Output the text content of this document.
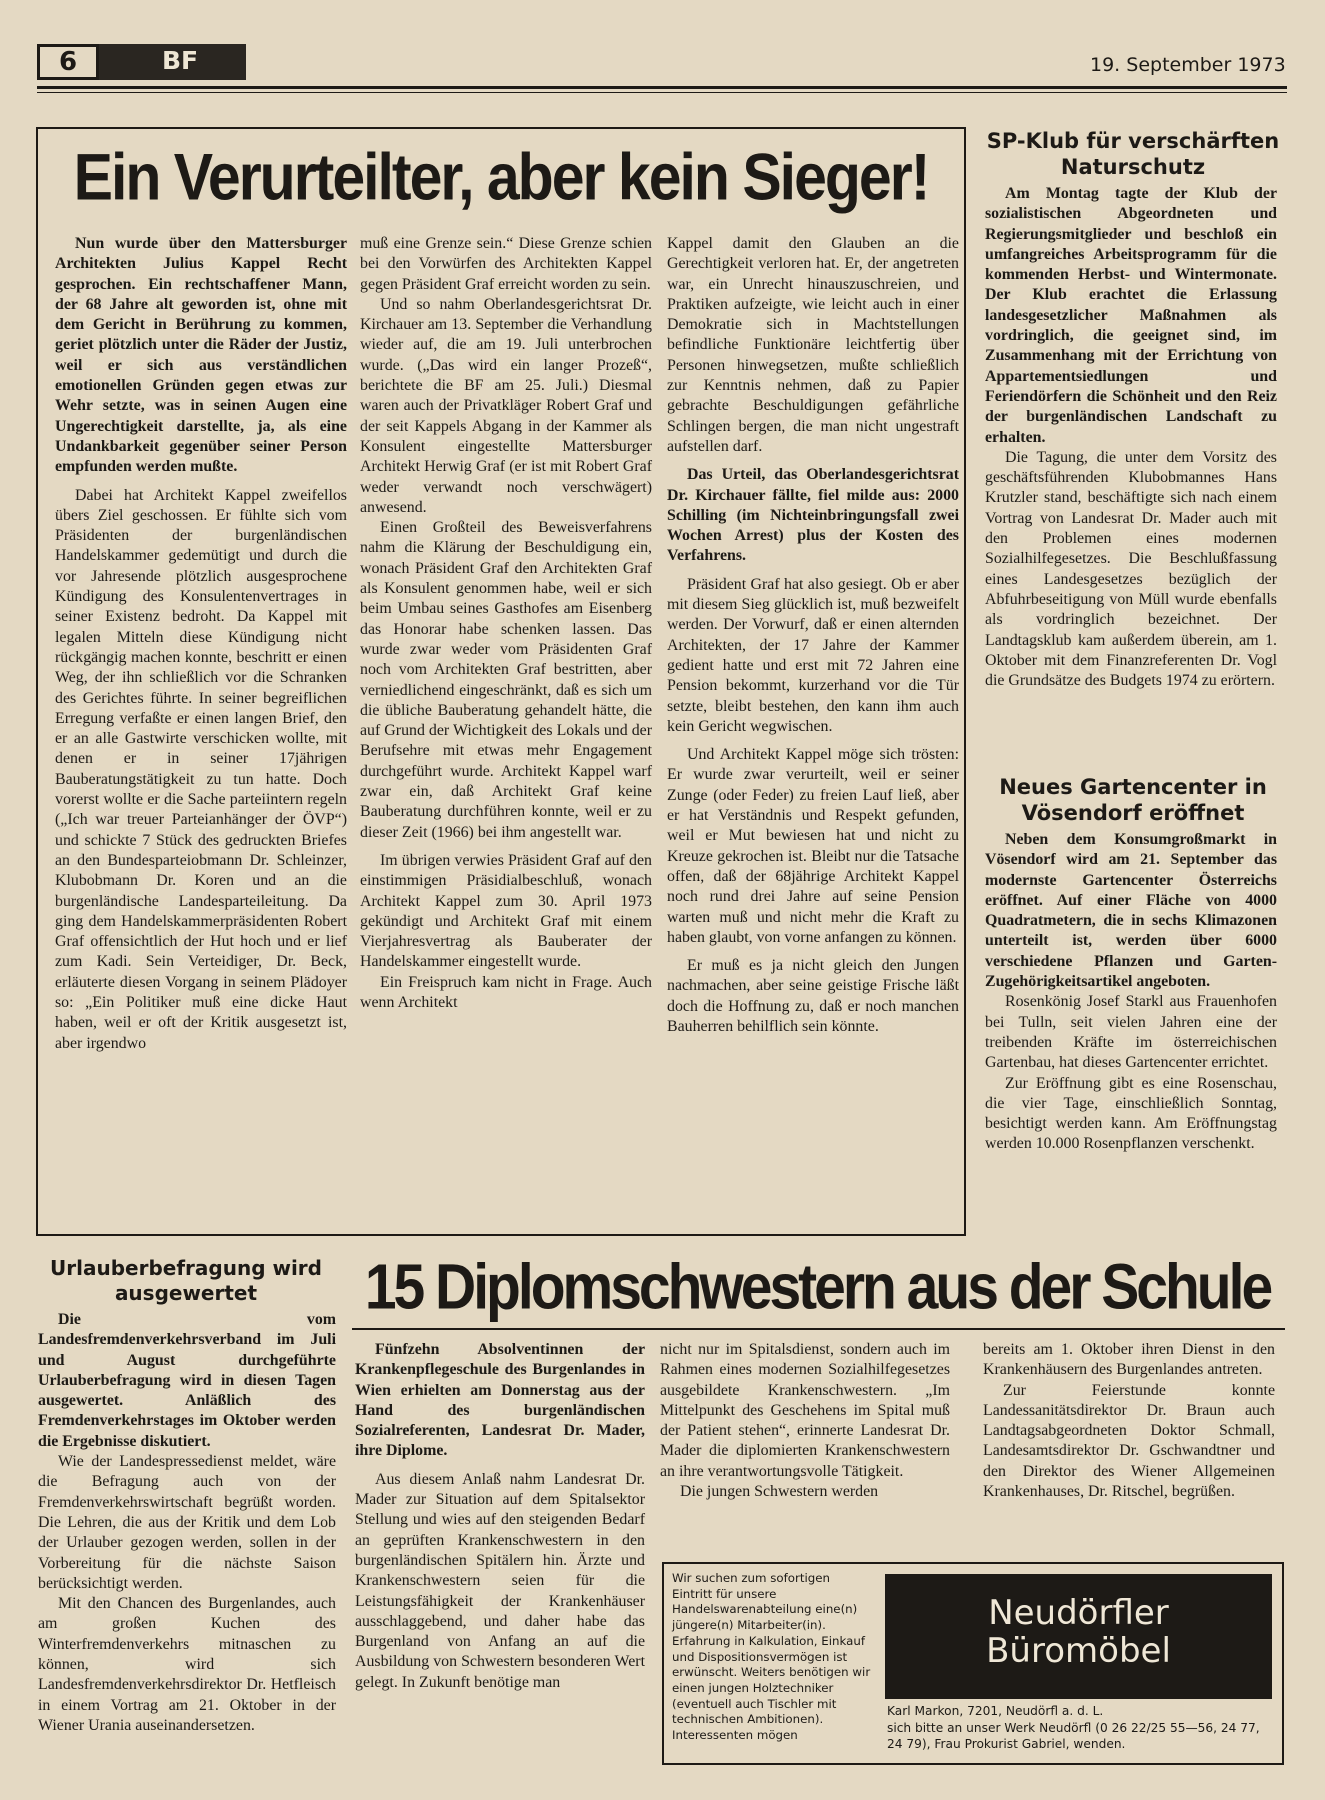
6	BF	19. September 1973
Ein Verurteilter, aber kein Sieger!

Nun wurde über den Mattersburger Architekten Julius Kappel Recht gesprochen. Ein rechtschaffener Mann, der 68 Jahre alt geworden ist, ohne mit dem Gericht in Berührung zu kommen, geriet plötzlich unter die Räder der Justiz, weil er sich aus verständlichen emotionellen Gründen gegen etwas zur Wehr setzte, was in seinen Augen eine Ungerechtigkeit darstellte, ja, als eine Undankbarkeit gegenüber seiner Person empfunden werden mußte.

Dabei hat Architekt Kappel zweifellos übers Ziel geschossen. Er fühlte sich vom Präsidenten der burgenländischen Handelskammer gedemütigt und durch die vor Jahresende plötzlich ausgesprochene Kündigung des Konsulentenvertrages in seiner Existenz bedroht. Da Kappel mit legalen Mitteln diese Kündigung nicht rückgängig machen konnte, beschritt er einen Weg, der ihn schließlich vor die Schranken des Gerichtes führte. In seiner begreiflichen Erregung verfaßte er einen langen Brief, den er an alle Gastwirte verschicken wollte, mit denen er in seiner 17jährigen Bauberatungstätigkeit zu tun hatte. Doch vorerst wollte er die Sache parteiintern regeln („Ich war treuer Parteianhänger der ÖVP“) und schickte 7 Stück des gedruckten Briefes an den Bundesparteiobmann Dr. Schleinzer, Klubobmann Dr. Koren und an die burgenländische Landesparteileitung. Da ging dem Handelskammerpräsidenten Robert Graf offensichtlich der Hut hoch und er lief zum Kadi. Sein Verteidiger, Dr. Beck, erläuterte diesen Vorgang in seinem Plädoyer so: „Ein Politiker muß eine dicke Haut haben, weil er oft der Kritik ausgesetzt ist, aber irgendwo

muß eine Grenze sein.“ Diese Grenze schien bei den Vorwürfen des Architekten Kappel gegen Präsident Graf erreicht worden zu sein.

Und so nahm Oberlandesgerichtsrat Dr. Kirchauer am 13. September die Verhandlung wieder auf, die am 19. Juli unterbrochen wurde. („Das wird ein langer Prozeß“, berichtete die BF am 25. Juli.) Diesmal waren auch der Privatkläger Robert Graf und der seit Kappels Abgang in der Kammer als Konsulent eingestellte Mattersburger Architekt Herwig Graf (er ist mit Robert Graf weder verwandt noch verschwägert) anwesend.

Einen Großteil des Beweisverfahrens nahm die Klärung der Beschuldigung ein, wonach Präsident Graf den Architekten Graf als Konsulent genommen habe, weil er sich beim Umbau seines Gasthofes am Eisenberg das Honorar habe schenken lassen. Das wurde zwar weder vom Präsidenten Graf noch vom Architekten Graf bestritten, aber verniedlichend eingeschränkt, daß es sich um die übliche Bauberatung gehandelt hätte, die auf Grund der Wichtigkeit des Lokals und der Berufsehre mit etwas mehr Engagement durchgeführt wurde. Architekt Kappel warf zwar ein, daß Architekt Graf keine Bauberatung durchführen konnte, weil er zu dieser Zeit (1966) bei ihm angestellt war.

Im übrigen verwies Präsident Graf auf den einstimmigen Präsidialbeschluß, wonach Architekt Kappel zum 30. April 1973 gekündigt und Architekt Graf mit einem Vierjahresvertrag als Bauberater der Handelskammer eingestellt wurde.

Ein Freispruch kam nicht in Frage. Auch wenn Architekt

Kappel damit den Glauben an die Gerechtigkeit verloren hat. Er, der angetreten war, ein Unrecht hinauszuschreien, und Praktiken aufzeigte, wie leicht auch in einer Demokratie sich in Machtstellungen befindliche Funktionäre leichtfertig über Personen hinwegsetzen, mußte schließlich zur Kenntnis nehmen, daß zu Papier gebrachte Beschuldigungen gefährliche Schlingen bergen, die man nicht ungestraft aufstellen darf.

Das Urteil, das Oberlandesgerichtsrat Dr. Kirchauer fällte, fiel milde aus: 2000 Schilling (im Nichteinbringungsfall zwei Wochen Arrest) plus der Kosten des Verfahrens.

Präsident Graf hat also gesiegt. Ob er aber mit diesem Sieg glücklich ist, muß bezweifelt werden. Der Vorwurf, daß er einen alternden Architekten, der 17 Jahre der Kammer gedient hatte und erst mit 72 Jahren eine Pension bekommt, kurzerhand vor die Tür setzte, bleibt bestehen, den kann ihm auch kein Gericht wegwischen.

Und Architekt Kappel möge sich trösten: Er wurde zwar verurteilt, weil er seiner Zunge (oder Feder) zu freien Lauf ließ, aber er hat Verständnis und Respekt gefunden, weil er Mut bewiesen hat und nicht zu Kreuze gekrochen ist. Bleibt nur die Tatsache offen, daß der 68jährige Architekt Kappel noch rund drei Jahre auf seine Pension warten muß und nicht mehr die Kraft zu haben glaubt, von vorne anfangen zu können.

Er muß es ja nicht gleich den Jungen nachmachen, aber seine geistige Frische läßt doch die Hoffnung zu, daß er noch manchen Bauherren behilflich sein könnte.

SP-Klub für verschärften Naturschutz

Am Montag tagte der Klub der sozialistischen Abgeordneten und Regierungsmitglieder und beschloß ein umfangreiches Arbeitsprogramm für die kommenden Herbst- und Wintermonate. Der Klub erachtet die Erlassung landesgesetzlicher Maßnahmen als vordringlich, die geeignet sind, im Zusammenhang mit der Errichtung von Appartementsiedlungen und Feriendörfern die Schönheit und den Reiz der burgenländischen Landschaft zu erhalten.

Die Tagung, die unter dem Vorsitz des geschäftsführenden Klubobmannes Hans Krutzler stand, beschäftigte sich nach einem Vortrag von Landesrat Dr. Mader auch mit den Problemen eines modernen Sozialhilfegesetzes. Die Beschlußfassung eines Landesgesetzes bezüglich der Abfuhrbeseitigung von Müll wurde ebenfalls als vordringlich bezeichnet. Der Landtagsklub kam außerdem überein, am 1. Oktober mit dem Finanzreferenten Dr. Vogl die Grundsätze des Budgets 1974 zu erörtern.

Neues Gartencenter in Vösendorf eröffnet

Neben dem Konsumgroßmarkt in Vösendorf wird am 21. September das modernste Gartencenter Österreichs eröffnet. Auf einer Fläche von 4000 Quadratmetern, die in sechs Klimazonen unterteilt ist, werden über 6000 verschiedene Pflanzen und Garten-Zugehörigkeitsartikel angeboten.

Rosenkönig Josef Starkl aus Frauenhofen bei Tulln, seit vielen Jahren eine der treibenden Kräfte im österreichischen Gartenbau, hat dieses Gartencenter errichtet.

Zur Eröffnung gibt es eine Rosenschau, die vier Tage, einschließlich Sonntag, besichtigt werden kann. Am Eröffnungstag werden 10.000 Rosenpflanzen verschenkt.

Urlauberbefragung wird ausgewertet

Die vom Landesfremdenverkehrsverband im Juli und August durchgeführte Urlauberbefragung wird in diesen Tagen ausgewertet. Anläßlich des Fremdenverkehrstages im Oktober werden die Ergebnisse diskutiert.

Wie der Landespressedienst meldet, wäre die Befragung auch von der Fremdenverkehrswirtschaft begrüßt worden. Die Lehren, die aus der Kritik und dem Lob der Urlauber gezogen werden, sollen in der Vorbereitung für die nächste Saison berücksichtigt werden.

Mit den Chancen des Burgenlandes, auch am großen Kuchen des Winterfremdenverkehrs mitnaschen zu können, wird sich Landesfremdenverkehrsdirektor Dr. Hetfleisch in einem Vortrag am 21. Oktober in der Wiener Urania auseinandersetzen.

15 Diplomschwestern aus der Schule

Fünfzehn Absolventinnen der Krankenpflegeschule des Burgenlandes in Wien erhielten am Donnerstag aus der Hand des burgenländischen Sozialreferenten, Landesrat Dr. Mader, ihre Diplome.

Aus diesem Anlaß nahm Landesrat Dr. Mader zur Situation auf dem Spitalsektor Stellung und wies auf den steigenden Bedarf an geprüften Krankenschwestern in den burgenländischen Spitälern hin. Ärzte und Krankenschwestern seien für die Leistungsfähigkeit der Krankenhäuser ausschlaggebend, und daher habe das Burgenland von Anfang an auf die Ausbildung von Schwestern besonderen Wert gelegt. In Zukunft benötige man

nicht nur im Spitalsdienst, sondern auch im Rahmen eines modernen Sozialhilfegesetzes ausgebildete Krankenschwestern. „Im Mittelpunkt des Geschehens im Spital muß der Patient stehen“, erinnerte Landesrat Dr. Mader die diplomierten Krankenschwestern an ihre verantwortungsvolle Tätigkeit.

Die jungen Schwestern werden

bereits am 1. Oktober ihren Dienst in den Krankenhäusern des Burgenlandes antreten.

Zur Feierstunde konnte Landessanitätsdirektor Dr. Braun auch Landtagsabgeordneten Doktor Schmall, Landesamtsdirektor Dr. Gschwandtner und den Direktor des Wiener Allgemeinen Krankenhauses, Dr. Ritschel, begrüßen.

Wir suchen zum sofortigen Eintritt für unsere Handelswarenabteilung eine(n) jüngere(n) Mitarbeiter(in). Erfahrung in Kalkulation, Einkauf und Dispositionsvermögen ist erwünscht. Weiters benötigen wir einen jungen Holztechniker (eventuell auch Tischler mit technischen Ambitionen). Interessenten mögen
Neudörfler
Büromöbel
Karl Markon, 7201, Neudörfl a. d. L.
sich bitte an unser Werk Neudörfl (0 26 22/25 55—56, 24 77, 24 79), Frau Prokurist Gabriel, wenden.
